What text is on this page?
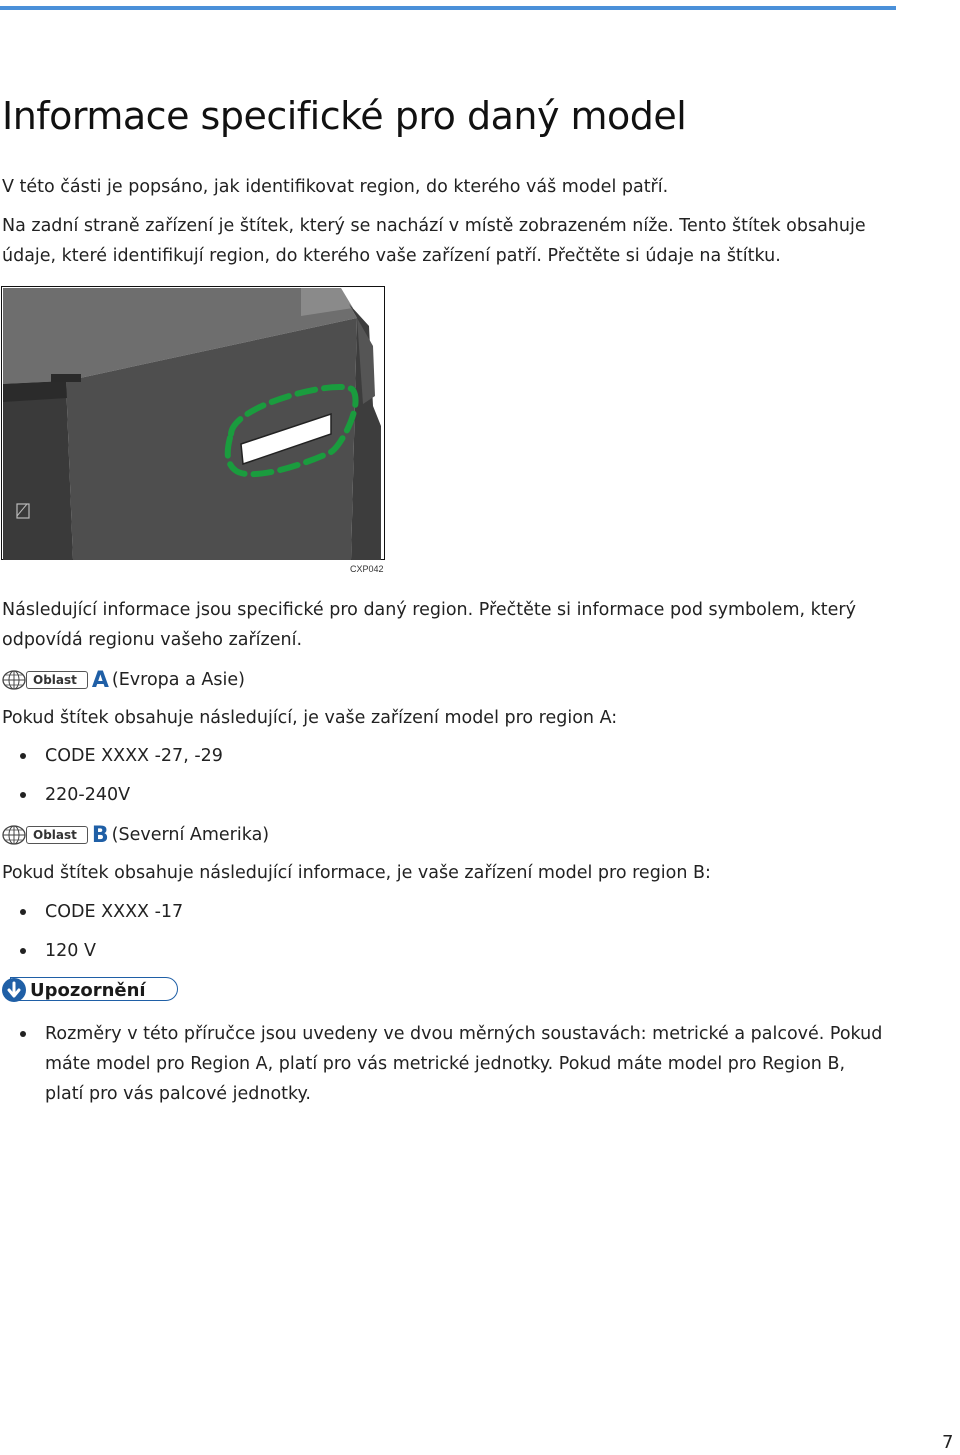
Informace specifické pro daný model

V této části je popsáno, jak identifikovat region, do kterého váš model patří.

Na zadní straně zařízení je štítek, který se nachází v místě zobrazeném níže. Tento štítek obsahuje údaje, které identifikují region, do kterého vaše zařízení patří. Přečtěte si údaje na štítku.

CXP042

Následující informace jsou specifické pro daný region. Přečtěte si informace pod symbolem, který odpovídá regionu vašeho zařízení.

Oblast A (Evropa a Asie)

Pokud štítek obsahuje následující, je vaše zařízení model pro region A:

CODE XXXX -27, -29
220-240V
Oblast B (Severní Amerika)

Pokud štítek obsahuje následující informace, je vaše zařízení model pro region B:

CODE XXXX -17
120 V
Upozornění
Rozměry v této příručce jsou uvedeny ve dvou měrných soustavách: metrické a palcové. Pokud máte model pro Region A, platí pro vás metrické jednotky. Pokud máte model pro Region B, platí pro vás palcové jednotky.
7
